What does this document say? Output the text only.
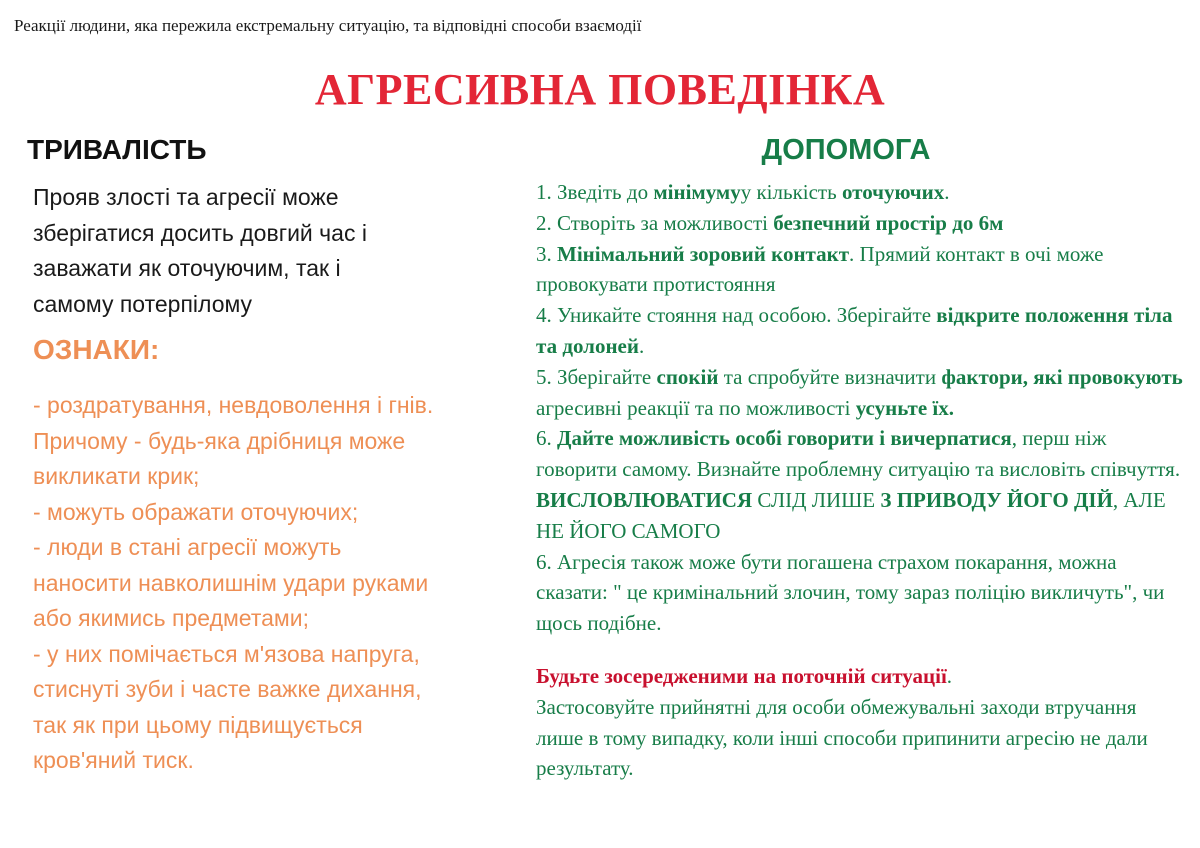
Реакції людини, яка пережила екстремальну ситуацію, та відповідні способи взаємодії
АГРЕСИВНА ПОВЕДІНКА
ТРИВАЛІСТЬ
Прояв злості та агресії може
зберігатися досить довгий час і
заважати як оточуючим, так і
самому потерпілому
ОЗНАКИ:
- роздратування, невдоволення і гнів.
Причому - будь-яка дрібниця може
викликати крик;
- можуть ображати оточуючих;
- люди в стані агресії можуть
наносити навколишнім удари руками
або якимись предметами;
- у них помічається м'язова напруга,
стиснуті зуби і часте важке дихання,
так як при цьому підвищується
кров'яний тиск.
ДОПОМОГА
1. Зведіть до мінімумуу кількість оточуючих.
2. Створіть за можливості безпечний простір до 6м
3. Мінімальний зоровий контакт. Прямий контакт в очі може провокувати протистояння
4. Уникайте стояння над особою. Зберігайте відкрите положення тіла та долоней.
5. Зберігайте спокій та спробуйте визначити фактори, які провокують агресивні реакції та по можливості усуньте їх.
6. Дайте можливість особі говорити і вичерпатися, перш ніж говорити самому. Визнайте проблемну ситуацію та висловіть співчуття. ВИСЛОВЛЮВАТИСЯ СЛІД ЛИШЕ З ПРИВОДУ ЙОГО ДІЙ, АЛЕ НЕ ЙОГО САМОГО
6. Агресія також може бути погашена страхом покарання, можна сказати: " це кримінальний злочин, тому зараз поліцію викличуть", чи щось подібне.
Будьте зосередженими на поточній ситуації.
Застосовуйте прийнятні для особи обмежувальні заходи втручання лише в тому випадку, коли інші способи припинити агресію не дали результату.
